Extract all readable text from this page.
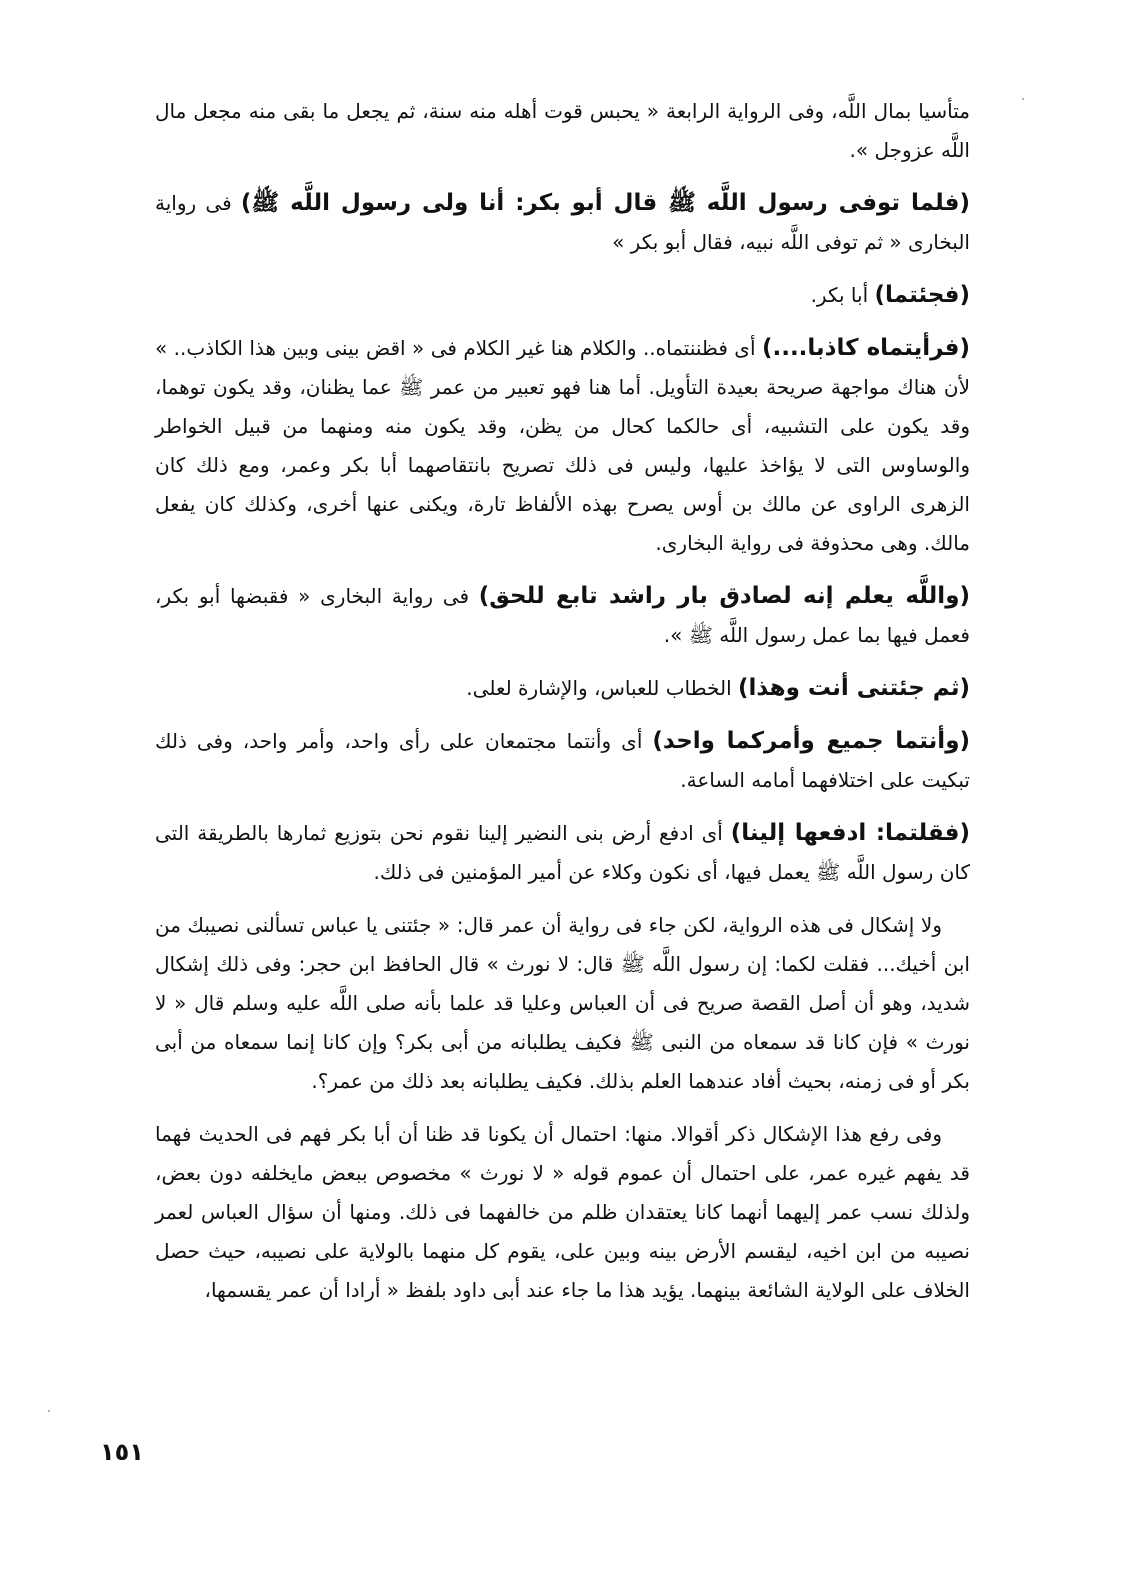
متأسيا بمال اللَّه، وفى الرواية الرابعة « يحبس قوت أهله منه سنة، ثم يجعل ما بقى منه مجعل مال اللَّه عزوجل ».

(فلما توفى رسول اللَّه ﷺ قال أبو بكر: أنا ولى رسول اللَّه ﷺ) فى رواية البخارى « ثم توفى اللَّه نبيه، فقال أبو بكر »

(فجئتما) أبا بكر.

(فرأيتماه كاذبا....) أى فظننتماه.. والكلام هنا غير الكلام فى « اقض بينى وبين هذا الكاذب.. » لأن هناك مواجهة صريحة بعيدة التأويل. أما هنا فهو تعبير من عمر ﷺ عما يظنان، وقد يكون توهما، وقد يكون على التشبيه، أى حالكما كحال من يظن، وقد يكون منه ومنهما من قبيل الخواطر والوساوس التى لا يؤاخذ عليها، وليس فى ذلك تصريح بانتقاصهما أبا بكر وعمر، ومع ذلك كان الزهرى الراوى عن مالك بن أوس يصرح بهذه الألفاظ تارة، ويكنى عنها أخرى، وكذلك كان يفعل مالك. وهى محذوفة فى رواية البخارى.

(واللَّه يعلم إنه لصادق بار راشد تابع للحق) فى رواية البخارى « فقبضها أبو بكر، فعمل فيها بما عمل رسول اللَّه ﷺ ».

(ثم جئتنى أنت وهذا) الخطاب للعباس، والإشارة لعلى.

(وأنتما جميع وأمركما واحد) أى وأنتما مجتمعان على رأى واحد، وأمر واحد، وفى ذلك تبكيت على اختلافهما أمامه الساعة.

(فقلتما: ادفعها إلينا) أى ادفع أرض بنى النضير إلينا نقوم نحن بتوزيع ثمارها بالطريقة التى كان رسول اللَّه ﷺ يعمل فيها، أى نكون وكلاء عن أمير المؤمنين فى ذلك.

ولا إشكال فى هذه الرواية، لكن جاء فى رواية أن عمر قال: « جئتنى يا عباس تسألنى نصيبك من ابن أخيك... فقلت لكما: إن رسول اللَّه ﷺ قال: لا نورث » قال الحافظ ابن حجر: وفى ذلك إشكال شديد، وهو أن أصل القصة صريح فى أن العباس وعليا قد علما بأنه صلى اللَّه عليه وسلم قال « لا نورث » فإن كانا قد سمعاه من النبى ﷺ فكيف يطلبانه من أبى بكر؟ وإن كانا إنما سمعاه من أبى بكر أو فى زمنه، بحيث أفاد عندهما العلم بذلك. فكيف يطلبانه بعد ذلك من عمر؟.

وفى رفع هذا الإشكال ذكر أقوالا. منها: احتمال أن يكونا قد ظنا أن أبا بكر فهم فى الحديث فهما قد يفهم غيره عمر، على احتمال أن عموم قوله « لا نورث » مخصوص ببعض مايخلفه دون بعض، ولذلك نسب عمر إليهما أنهما كانا يعتقدان ظلم من خالفهما فى ذلك. ومنها أن سؤال العباس لعمر نصيبه من ابن اخيه، ليقسم الأرض بينه وبين على، يقوم كل منهما بالولاية على نصيبه، حيث حصل الخلاف على الولاية الشائعة بينهما. يؤيد هذا ما جاء عند أبى داود بلفظ « أرادا أن عمر يقسمها،

١٥١
